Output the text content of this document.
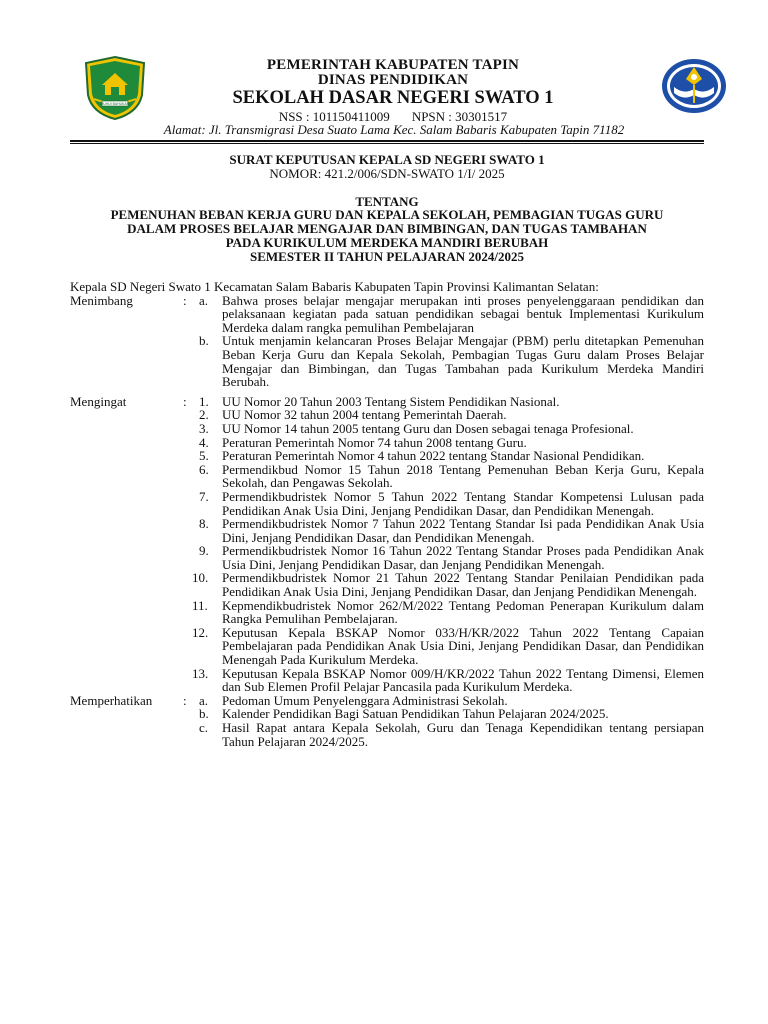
RUHUI BAHUKAN
PEMERINTAH KABUPATEN TAPIN
DINAS PENDIDIKAN
SEKOLAH DASAR NEGERI SWATO 1
NSS : 101150411009 NPSN : 30301517
Alamat: Jl. Transmigrasi Desa Suato Lama Kec. Salam Babaris Kabupaten Tapin 71182
SURAT KEPUTUSAN KEPALA SD NEGERI SWATO 1
NOMOR: 421.2/006/SDN-SWATO 1/I/ 2025
TENTANG
PEMENUHAN BEBAN KERJA GURU DAN KEPALA SEKOLAH, PEMBAGIAN TUGAS GURU
DALAM PROSES BELAJAR MENGAJAR DAN BIMBINGAN, DAN TUGAS TAMBAHAN
PADA KURIKULUM MERDEKA MANDIRI BERUBAH
SEMESTER II TAHUN PELAJARAN 2024/2025
Kepala SD Negeri Swato 1 Kecamatan Salam Babaris Kabupaten Tapin Provinsi Kalimantan Selatan:
Menimbang	: a.	Bahwa proses belajar mengajar merupakan inti proses penyelenggaraan pendidikan dan pelaksanaan kegiatan pada satuan pendidikan sebagai bentuk Implementasi Kurikulum Merdeka dalam rangka pemulihan Pembelajaran
b.	Untuk menjamin kelancaran Proses Belajar Mengajar (PBM) perlu ditetapkan Pemenuhan Beban Kerja Guru dan Kepala Sekolah, Pembagian Tugas Guru dalam Proses Belajar Mengajar dan Bimbingan, dan Tugas Tambahan pada Kurikulum Merdeka Mandiri Berubah.
Mengingat	: 1.	UU Nomor 20 Tahun 2003 Tentang Sistem Pendidikan Nasional.
2.	UU Nomor 32 tahun 2004 tentang Pemerintah Daerah.
3.	UU Nomor 14 tahun 2005 tentang Guru dan Dosen sebagai tenaga Profesional.
4.	Peraturan Pemerintah Nomor 74 tahun 2008 tentang Guru.
5.	Peraturan Pemerintah Nomor 4 tahun 2022 tentang Standar Nasional Pendidikan.
6.	Permendikbud Nomor 15 Tahun 2018 Tentang Pemenuhan Beban Kerja Guru, Kepala Sekolah, dan Pengawas Sekolah.
7.	Permendikbudristek Nomor 5 Tahun 2022 Tentang Standar Kompetensi Lulusan pada Pendidikan Anak Usia Dini, Jenjang Pendidikan Dasar, dan Pendidikan Menengah.
8.	Permendikbudristek Nomor 7 Tahun 2022 Tentang Standar Isi pada Pendidikan Anak Usia Dini, Jenjang Pendidikan Dasar, dan Pendidikan Menengah.
9.	Permendikbudristek Nomor 16 Tahun 2022 Tentang Standar Proses pada Pendidikan Anak Usia Dini, Jenjang Pendidikan Dasar, dan Jenjang Pendidikan Menengah.
10.	Permendikbudristek Nomor 21 Tahun 2022 Tentang Standar Penilaian Pendidikan pada Pendidikan Anak Usia Dini, Jenjang Pendidikan Dasar, dan Jenjang Pendidikan Menengah.
11.	Kepmendikbudristek Nomor 262/M/2022 Tentang Pedoman Penerapan Kurikulum dalam Rangka Pemulihan Pembelajaran.
12.	Keputusan Kepala BSKAP Nomor 033/H/KR/2022 Tahun 2022 Tentang Capaian Pembelajaran pada Pendidikan Anak Usia Dini, Jenjang Pendidikan Dasar, dan Pendidikan Menengah Pada Kurikulum Merdeka.
13.	Keputusan Kepala BSKAP Nomor 009/H/KR/2022 Tahun 2022 Tentang Dimensi, Elemen dan Sub Elemen Profil Pelajar Pancasila pada Kurikulum Merdeka.
Memperhatikan	: a.	Pedoman Umum Penyelenggara Administrasi Sekolah.
b.	Kalender Pendidikan Bagi Satuan Pendidikan Tahun Pelajaran 2024/2025.
c.	Hasil Rapat antara Kepala Sekolah, Guru dan Tenaga Kependidikan tentang persiapan Tahun Pelajaran 2024/2025.
